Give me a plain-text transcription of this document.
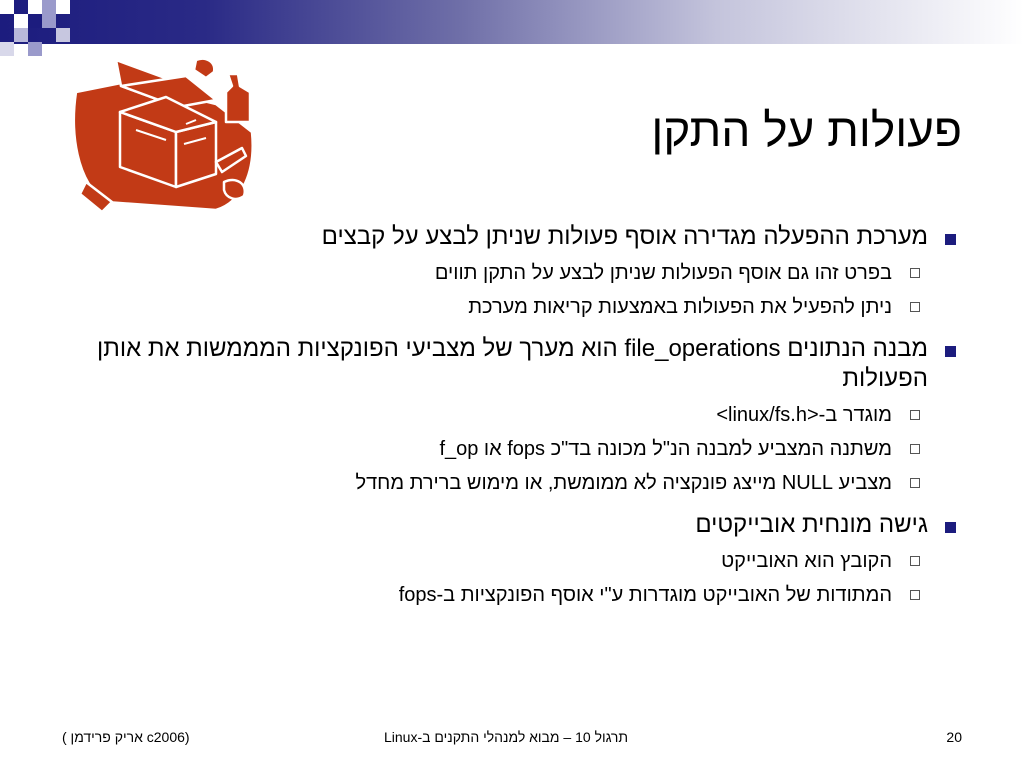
פעולות על התקן
מערכת ההפעלה מגדירה אוסף פעולות שניתן לבצע על קבצים
בפרט זהו גם אוסף הפעולות שניתן לבצע על התקן תווים
ניתן להפעיל את הפעולות באמצעות קריאות מערכת
מבנה הנתונים file_operations הוא מערך של מצביעי הפונקציות המממשות את אותן הפעולות
מוגדר ב-<linux/fs.h>
משתנה המצביע למבנה הנ"ל מכונה בד"כ fops או f_op
מצביע NULL מייצג פונקציה לא ממומשת, או מימוש ברירת מחדל
גישה מונחית אובייקטים
הקובץ הוא האובייקט
המתודות של האובייקט מוגדרות ע"י אוסף הפונקציות ב-fops
(c2006 אריק פרידמן )	תרגול 10 – מבוא למנהלי התקנים ב-Linux	20
